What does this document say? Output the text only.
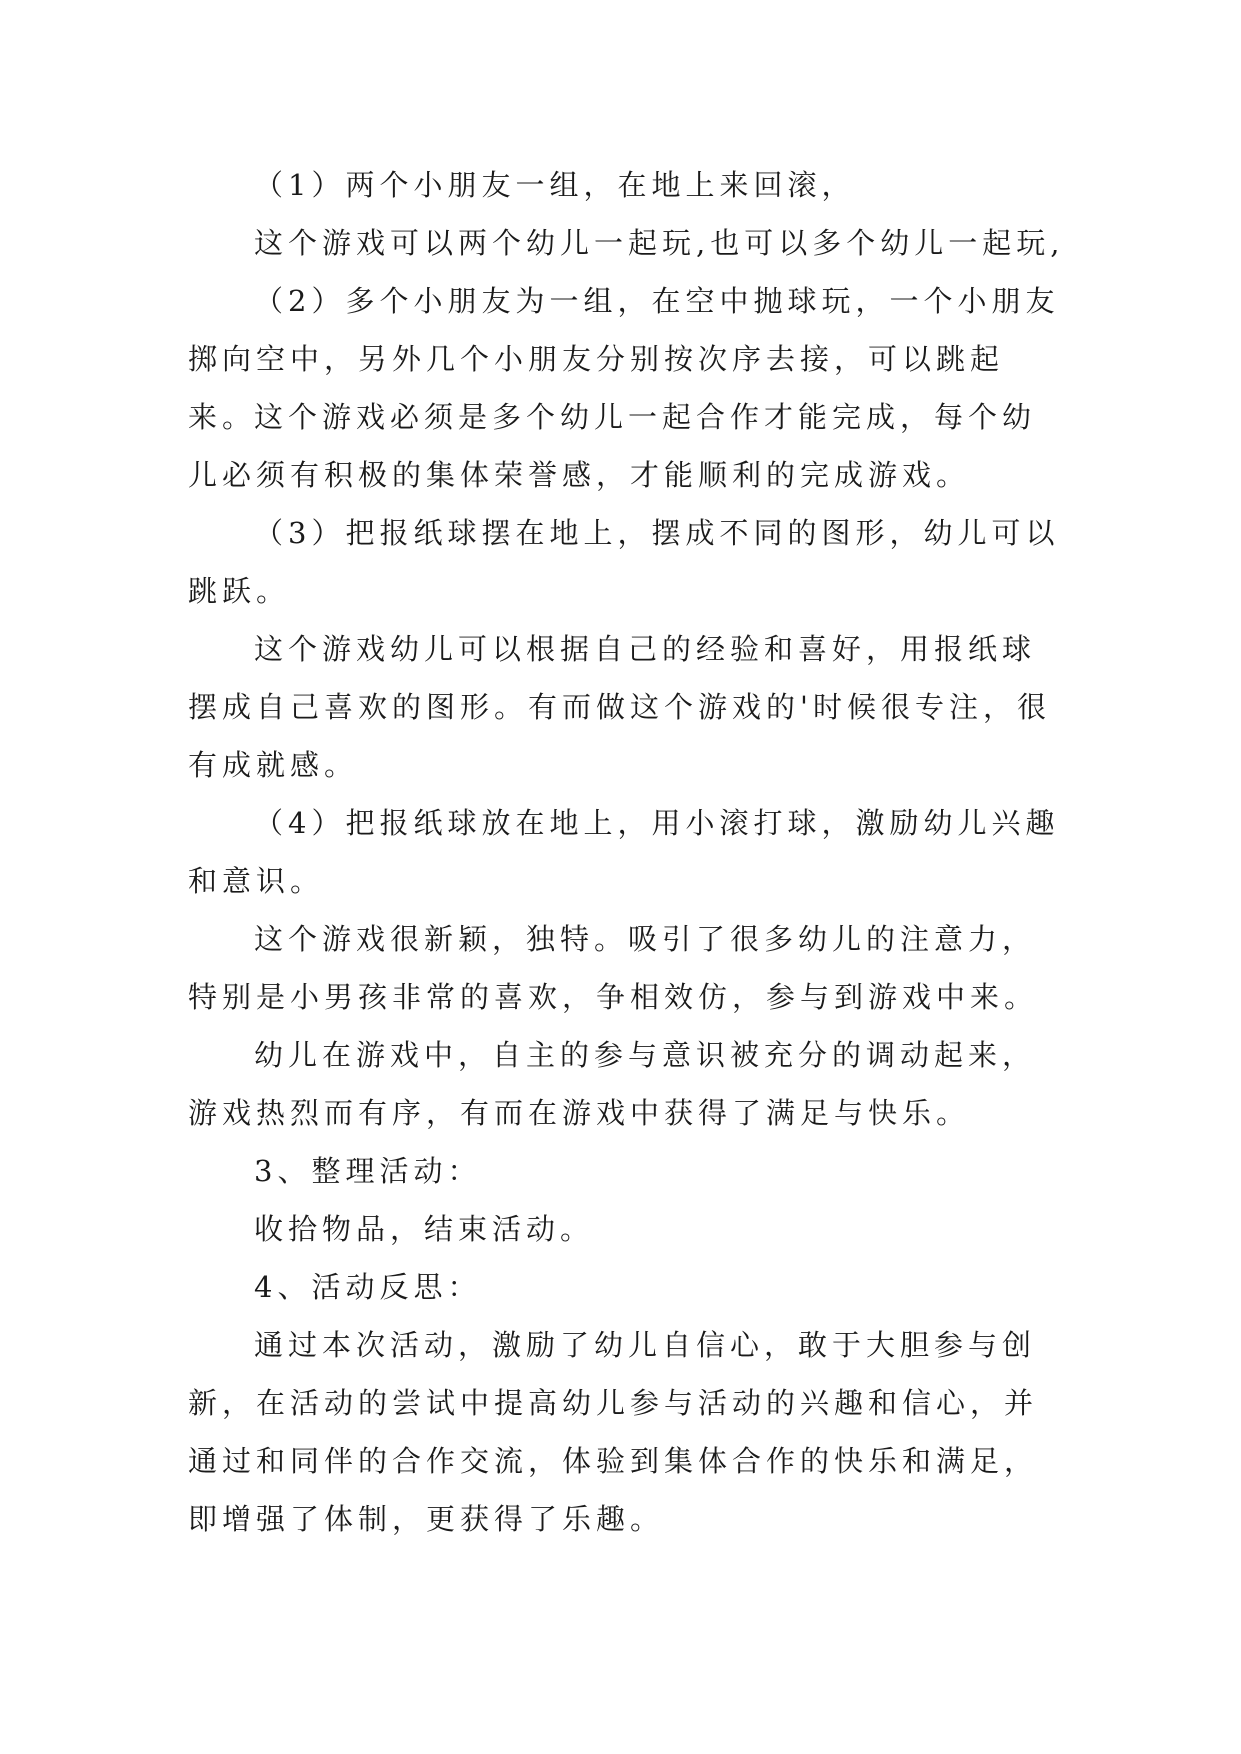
（1）两个小朋友一组，在地上来回滚，

这个游戏可以两个幼儿一起玩,也可以多个幼儿一起玩,

（2）多个小朋友为一组，在空中抛球玩，一个小朋友掷向空中，另外几个小朋友分别按次序去接，可以跳起来。

这个游戏必须是多个幼儿一起合作才能完成，每个幼儿必须有积极的集体荣誉感，才能顺利的完成游戏。

（3）把报纸球摆在地上，摆成不同的图形，幼儿可以跳跃。

这个游戏幼儿可以根据自己的经验和喜好，用报纸球摆成自己喜欢的图形。有而做这个游戏的'时候很专注，很有成就感。

（4）把报纸球放在地上，用小滚打球，激励幼儿兴趣和意识。

这个游戏很新颖，独特。吸引了很多幼儿的注意力，特别是小男孩非常的喜欢，争相效仿，参与到游戏中来。

幼儿在游戏中，自主的参与意识被充分的调动起来，游戏热烈而有序，有而在游戏中获得了满足与快乐。

3、整理活动：

收拾物品，结束活动。

4、活动反思：

通过本次活动，激励了幼儿自信心，敢于大胆参与创新，在活动的尝试中提高幼儿参与活动的兴趣和信心，并通过和同伴的合作交流，体验到集体合作的快乐和满足，即增强了体制，更获得了乐趣。
